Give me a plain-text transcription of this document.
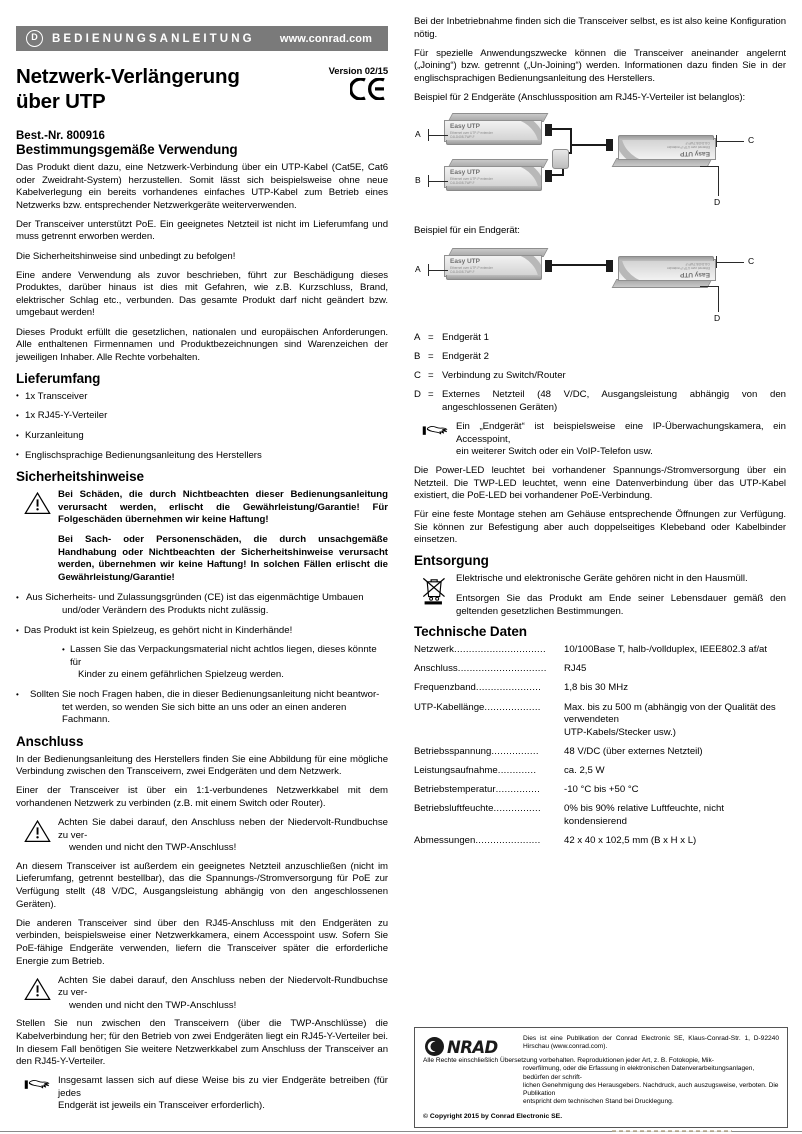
D	BEDIENUNGSANLEITUNG www.conrad.com
Netzwerk-Verlängerung
über UTP
Version 02/15
Best.-Nr. 800916
Bestimmungsgemäße Verwendung

Das Produkt dient dazu, eine Netzwerk-Verbindung über ein UTP-Kabel (Cat5E, Cat6 oder Zweidraht-System) herzustellen. Somit lässt sich beispielsweise ohne neue Kabelverlegung ein bereits vorhandenes einfaches UTP-Kabel zum Betrieb eines Netzwerks bzw. entsprechender Netzwerkgeräte weiterverwenden.

Der Transceiver unterstützt PoE. Ein geeignetes Netzteil ist nicht im Lieferumfang und muss getrennt erworben werden.

Die Sicherheitshinweise sind unbedingt zu befolgen!

Eine andere Verwendung als zuvor beschrieben, führt zur Beschädigung dieses Produktes, darüber hinaus ist dies mit Gefahren, wie z.B. Kurzschluss, Brand, elektrischer Schlag etc., verbunden. Das gesamte Produkt darf nicht geändert bzw. umgebaut werden!

Dieses Produkt erfüllt die gesetzlichen, nationalen und europäischen Anforderungen. Alle enthaltenen Firmennamen und Produktbezeichnungen sind Warenzeichen der jeweiligen Inhaber. Alle Rechte vorbehalten.

Lieferumfang
• 1x Transceiver
• 1x RJ45-Y-Verteiler
• Kurzanleitung
• Englischsprachige Bedienungsanleitung des Herstellers
Sicherheitshinweise

Bei Schäden, die durch Nichtbeachten dieser Bedienungsanleitung verursacht werden, erlischt die Gewährleistung/Garantie! Für Folgeschäden übernehmen wir keine Haftung!

Bei Sach- oder Personenschäden, die durch unsachgemäße Handhabung oder Nichtbeachten der Sicherheitshinweise verursacht werden, übernehmen wir keine Haftung! In solchen Fällen erlischt die Gewährleistung/Garantie!

• Aus Sicherheits- und Zulassungsgründen (CE) ist das eigenmächtige Umbauen
und/oder Verändern des Produkts nicht zulässig.
• Das Produkt ist kein Spielzeug, es gehört nicht in Kinderhände!
• Lassen Sie das Verpackungsmaterial nicht achtlos liegen, dieses könnte für
Kinder zu einem gefährlichen Spielzeug werden.
• Sollten Sie noch Fragen haben, die in dieser Bedienungsanleitung nicht beantwor-
tet werden, so wenden Sie sich bitte an uns oder an einen anderen Fachmann.
Anschluss

In der Bedienungsanleitung des Herstellers finden Sie eine Abbildung für eine mögliche Verbindung zwischen den Transceivern, zwei Endgeräten und dem Netzwerk.

Einer der Transceiver ist über ein 1:1-verbundenes Netzwerkkabel mit dem vorhandenen Netzwerk zu verbinden (z.B. mit einem Switch oder Router).

Achten Sie dabei darauf, den Anschluss neben der Niedervolt-Rundbuchse zu ver-

wenden und nicht den TWP-Anschluss!

An diesem Transceiver ist außerdem ein geeignetes Netzteil anzuschließen (nicht im Lieferumfang, getrennt bestellbar), das die Spannungs-/Stromversorgung für PoE zur Verfügung stellt (48 V/DC, Ausgangsleistung abhängig von den angeschlossenen Geräten).

Die anderen Transceiver sind über den RJ45-Anschluss mit den Endgeräten zu verbinden, beispielsweise einer Netzwerkkamera, einem Accesspoint usw. Sofern Sie PoE-fähige Endgeräte verwenden, liefern die Transceiver später die erforderliche Energie zum Betrieb.

Achten Sie dabei darauf, den Anschluss neben der Niedervolt-Rundbuchse zu ver-

wenden und nicht den TWP-Anschluss!

Stellen Sie nun zwischen den Transceivern (über die TWP-Anschlüsse) die Kabelverbindung her; für den Betrieb von zwei Endgeräten liegt ein RJ45-Y-Verteiler bei. In diesem Fall benötigen Sie weitere Netzwerkkabel zum Anschluss der Transceiver an den RJ45-Y-Verteiler.

Insgesamt lassen sich auf diese Weise bis zu vier Endgeräte betreiben (für jedes

Endgerät ist jeweils ein Transceiver erforderlich).

Bei der Inbetriebnahme finden sich die Transceiver selbst, es ist also keine Konfiguration nötig.

Für spezielle Anwendungszwecke können die Transceiver aneinander angelernt („Joining“) bzw. getrennt („Un-Joining“) werden. Informationen dazu finden Sie in der englischsprachigen Bedienungsanleitung des Herstellers.

Beispiel für 2 Endgeräte (Anschlussposition am RJ45-Y-Verteiler ist belanglos):

Easy UTP
Ethernet over UTP-P extender
C4LD408-TWP-F
A
Easy UTP
Ethernet over UTP-P extender
C4LD408-TWP-F
B
Easy UTP
Ethernet over UTP-P extender
C4LD408-TWP-F	C
D

Beispiel für ein Endgerät:

Easy UTP
Ethernet over UTP-P extender
C4LD408-TWP-F
A
Easy UTP
Ethernet over UTP-P extender
C4LD408-TWP-F	C
D
A = Endgerät 1
B = Endgerät 2
C = Verbindung zu Switch/Router
D = Externes Netzteil (48 V/DC, Ausgangsleistung abhängig von den angeschlossenen Geräten)

Ein „Endgerät“ ist beispielsweise eine IP-Überwachungskamera, ein Accesspoint,

ein weiterer Switch oder ein VoIP-Telefon usw.

Die Power-LED leuchtet bei vorhandener Spannungs-/Stromversorgung über ein Netzteil. Die TWP-LED leuchtet, wenn eine Datenverbindung über das UTP-Kabel existiert, die PoE-LED bei vorhandener PoE-Verbindung.

Für eine feste Montage stehen am Gehäuse entsprechende Öffnungen zur Verfügung. Sie können zur Befestigung aber auch doppelseitiges Klebeband oder Kabelbinder einsetzen.

Entsorgung

Elektrische und elektronische Geräte gehören nicht in den Hausmüll.

Entsorgen Sie das Produkt am Ende seiner Lebensdauer gemäß den geltenden gesetzlichen Bestimmungen.

Technische Daten
Netzwerk...............................	10/100Base T, halb-/vollduplex, IEEE802.3 af/at
Anschluss..............................	RJ45
Frequenzband......................	1,8 bis 30 MHz
UTP-Kabellänge...................	Max. bis zu 500 m (abhängig von der Qualität des verwendeten
UTP-Kabels/Stecker usw.)
Betriebsspannung................	48 V/DC (über externes Netzteil)
Leistungsaufnahme.............	ca. 2,5 W
Betriebstemperatur...............	-10 °C bis +50 °C
Betriebsluftfeuchte................	0% bis 90% relative Luftfeuchte, nicht kondensierend
Abmessungen......................	42 x 40 x 102,5 mm (B x H x L)
NRAD	Dies ist eine Publikation der Conrad Electronic SE, Klaus-Conrad-Str. 1, D-92240 Hirschau (www.conrad.com).
Alle Rechte einschließlich Übersetzung vorbehalten. Reproduktionen jeder Art, z. B. Fotokopie, Mik-
roverfilmung, oder die Erfassung in elektronischen Datenverarbeitungsanlagen, bedürfen der schrift-
lichen Genehmigung des Herausgebers. Nachdruck, auch auszugsweise, verboten. Die Publikation
entspricht dem technischen Stand bei Drucklegung.
© Copyright 2015 by Conrad Electronic SE.
